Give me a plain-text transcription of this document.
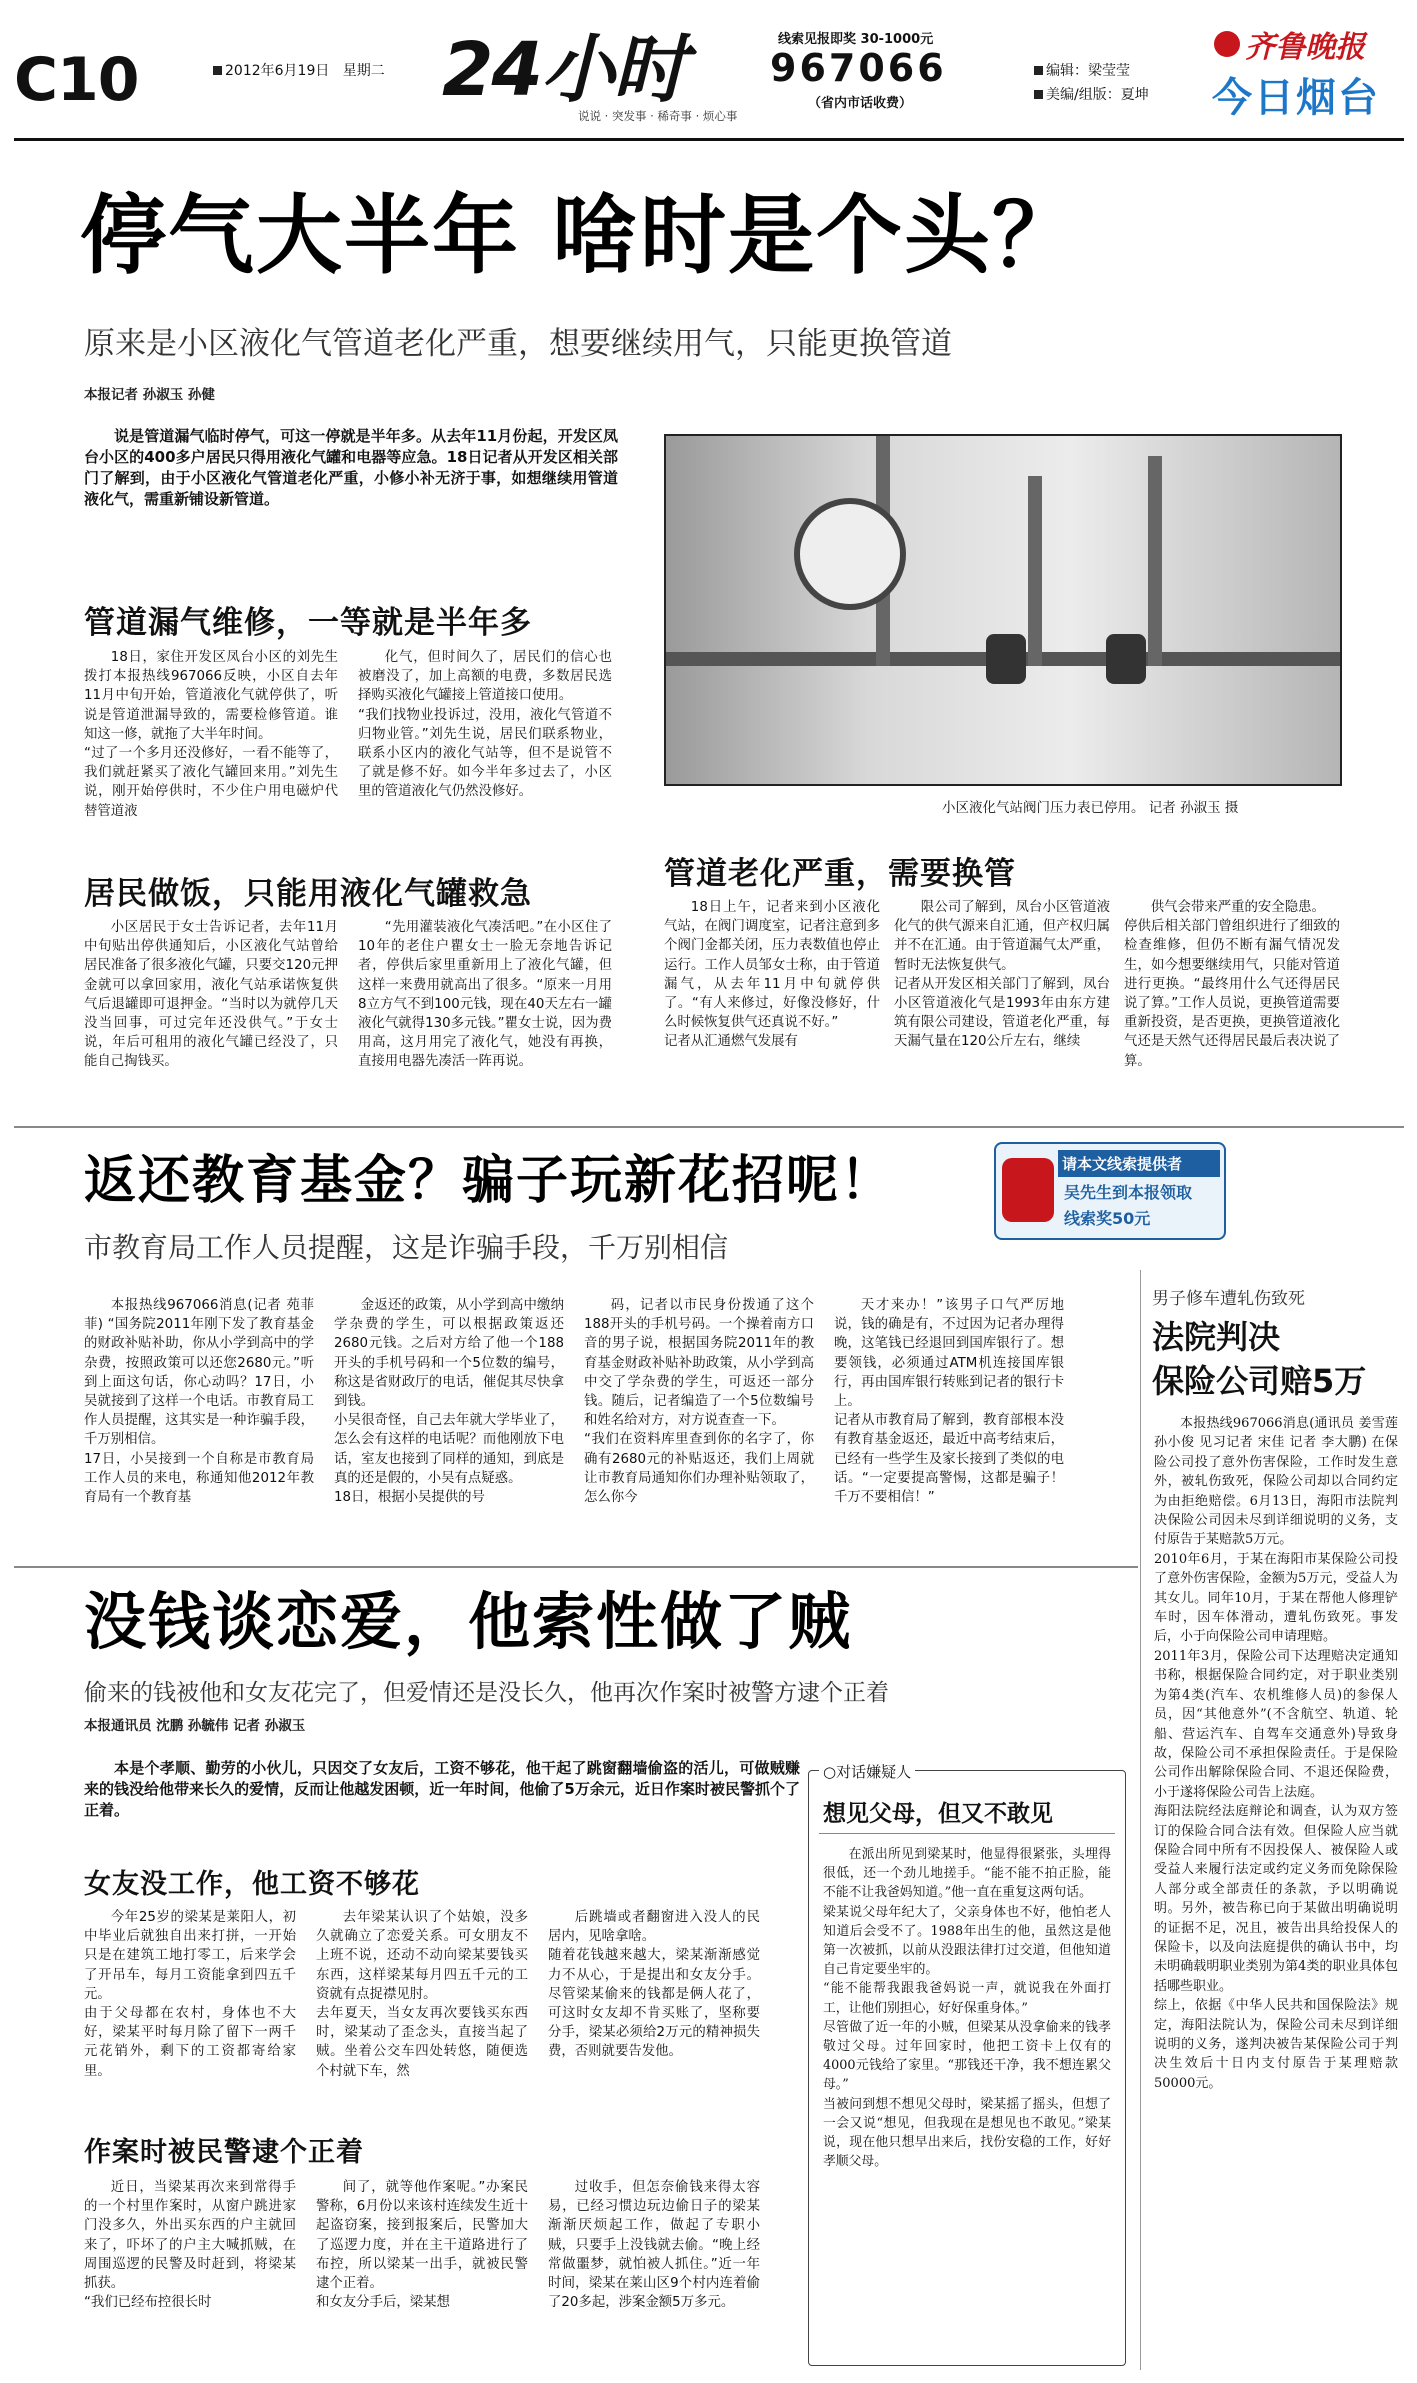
C10	2012年6月19日 星期二 24小时
说说 · 突发事 · 稀奇事 · 烦心事
线索见报即奖 30-1000元
967066
（省内市话收费）
编辑：梁莹莹
美编/组版：夏坤
齐鲁晚报
今日烟台
停气大半年 啥时是个头？
原来是小区液化气管道老化严重，想要继续用气，只能更换管道
本报记者 孙淑玉 孙健

说是管道漏气临时停气，可这一停就是半年多。从去年11月份起，开发区凤台小区的400多户居民只得用液化气罐和电器等应急。18日记者从开发区相关部门了解到，由于小区液化气管道老化严重，小修小补无济于事，如想继续用管道液化气，需重新铺设新管道。

小区液化气站阀门压力表已停用。 记者 孙淑玉 摄
管道漏气维修，一等就是半年多

18日，家住开发区凤台小区的刘先生拨打本报热线967066反映，小区自去年11月中旬开始，管道液化气就停供了，听说是管道泄漏导致的，需要检修管道。谁知这一修，就拖了大半年时间。
“过了一个多月还没修好，一看不能等了，我们就赶紧买了液化气罐回来用。”刘先生说，刚开始停供时，不少住户用电磁炉代替管道液

化气，但时间久了，居民们的信心也被磨没了，加上高额的电费，多数居民选择购买液化气罐接上管道接口使用。
“我们找物业投诉过，没用，液化气管道不归物业管。”刘先生说，居民们联系物业，联系小区内的液化气站等，但不是说管不了就是修不好。如今半年多过去了，小区里的管道液化气仍然没修好。

居民做饭，只能用液化气罐救急

小区居民于女士告诉记者，去年11月中旬贴出停供通知后，小区液化气站曾给居民准备了很多液化气罐，只要交120元押金就可以拿回家用，液化气站承诺恢复供气后退罐即可退押金。“当时以为就停几天没当回事，可过完年还没供气。”于女士说，年后可租用的液化气罐已经没了，只能自己掏钱买。

“先用灌装液化气凑活吧。”在小区住了10年的老住户瞿女士一脸无奈地告诉记者，停供后家里重新用上了液化气罐，但这样一来费用就高出了很多。“原来一月用8立方气不到100元钱，现在40天左右一罐液化气就得130多元钱。”瞿女士说，因为费用高，这月用完了液化气，她没有再换，直接用电器先凑活一阵再说。

管道老化严重，需要换管

18日上午，记者来到小区液化气站，在阀门调度室，记者注意到多个阀门金都关闭，压力表数值也停止运行。工作人员邹女士称，由于管道漏气，从去年11月中旬就停供了。“有人来修过，好像没修好，什么时候恢复供气还真说不好。”
记者从汇通燃气发展有

限公司了解到，凤台小区管道液化气的供气源来自汇通，但产权归属并不在汇通。由于管道漏气太严重，暂时无法恢复供气。
记者从开发区相关部门了解到，凤台小区管道液化气是1993年由东方建筑有限公司建设，管道老化严重，每天漏气量在120公斤左右，继续

供气会带来严重的安全隐患。
停供后相关部门曾组织进行了细致的检查维修，但仍不断有漏气情况发生，如今想要继续用气，只能对管道进行更换。“最终用什么气还得居民说了算。”工作人员说，更换管道需要重新投资，是否更换，更换管道液化气还是天然气还得居民最后表决说了算。

返还教育基金？骗子玩新花招呢！
市教育局工作人员提醒，这是诈骗手段，千万别相信
请本文线索提供者
吴先生到本报领取
线索奖50元

本报热线967066消息(记者 苑菲菲) “国务院2011年刚下发了教育基金的财政补贴补助，你从小学到高中的学杂费，按照政策可以还您2680元。”听到上面这句话，你心动吗？17日，小吴就接到了这样一个电话。市教育局工作人员提醒，这其实是一种诈骗手段，千万别相信。
17日，小吴接到一个自称是市教育局工作人员的来电，称通知他2012年教育局有一个教育基

金返还的政策，从小学到高中缴纳学杂费的学生，可以根据政策返还2680元钱。之后对方给了他一个188开头的手机号码和一个5位数的编号，称这是省财政厅的电话，催促其尽快拿到钱。
小吴很奇怪，自己去年就大学毕业了，怎么会有这样的电话呢？而他刚放下电话，室友也接到了同样的通知，到底是真的还是假的，小吴有点疑惑。
18日，根据小吴提供的号

码，记者以市民身份拨通了这个188开头的手机号码。一个操着南方口音的男子说，根据国务院2011年的教育基金财政补贴补助政策，从小学到高中交了学杂费的学生，可返还一部分钱。随后，记者编造了一个5位数编号和姓名给对方，对方说查查一下。
“我们在资料库里查到你的名字了，你确有2680元的补贴返还，我们上周就让市教育局通知你们办理补贴领取了，怎么你今

天才来办！”该男子口气严厉地说，钱的确是有，不过因为记者办理得晚，这笔钱已经退回到国库银行了。想要领钱，必须通过ATM机连接国库银行，再由国库银行转账到记者的银行卡上。
记者从市教育局了解到，教育部根本没有教育基金返还，最近中高考结束后，已经有一些学生及家长接到了类似的电话。“一定要提高警惕，这都是骗子！千万不要相信！”

男子修车遭轧伤致死
法院判决
保险公司赔5万

本报热线967066消息(通讯员 姜雪莲 孙小俊 见习记者 宋佳 记者 李大鹏) 在保险公司投了意外伤害保险，工作时发生意外，被轧伤致死，保险公司却以合同约定为由拒绝赔偿。6月13日，海阳市法院判决保险公司因未尽到详细说明的义务，支付原告于某赔款5万元。
2010年6月，于某在海阳市某保险公司投了意外伤害保险，金额为5万元，受益人为其女儿。同年10月，于某在帮他人修理铲车时，因车体滑动，遭轧伤致死。事发后，小于向保险公司申请理赔。
2011年3月，保险公司下达理赔决定通知书称，根据保险合同约定，对于职业类别为第4类(汽车、农机维修人员)的参保人员，因“其他意外”(不含航空、轨道、轮船、营运汽车、自驾车交通意外)导致身故，保险公司不承担保险责任。于是保险公司作出解除保险合同、不退还保险费，小于遂将保险公司告上法庭。
海阳法院经法庭辩论和调查，认为双方签订的保险合同合法有效。但保险人应当就保险合同中所有不因投保人、被保险人或受益人来履行法定或约定义务而免除保险人部分或全部责任的条款，予以明确说明。另外，被告称已向于某做出明确说明的证据不足，况且，被告出具给投保人的保险卡，以及向法庭提供的确认书中，均未明确载明职业类别为第4类的职业具体包括哪些职业。
综上，依据《中华人民共和国保险法》规定，海阳法院认为，保险公司未尽到详细说明的义务，遂判决被告某保险公司于判决生效后十日内支付原告于某理赔款50000元。

没钱谈恋爱，他索性做了贼
偷来的钱被他和女友花完了，但爱情还是没长久，他再次作案时被警方逮个正着
本报通讯员 沈鹏 孙毓伟 记者 孙淑玉

本是个孝顺、勤劳的小伙儿，只因交了女友后，工资不够花，他干起了跳窗翻墙偷盗的活儿，可做贼赚来的钱没给他带来长久的爱情，反而让他越发困顿，近一年时间，他偷了5万余元，近日作案时被民警抓个了正着。

女友没工作，他工资不够花

今年25岁的梁某是莱阳人，初中毕业后就独自出来打拼，一开始只是在建筑工地打零工，后来学会了开吊车，每月工资能拿到四五千元。
由于父母都在农村，身体也不大好，梁某平时每月除了留下一两千元花销外，剩下的工资都寄给家里。

去年梁某认识了个姑娘，没多久就确立了恋爱关系。可女朋友不上班不说，还动不动向梁某要钱买东西，这样梁某每月四五千元的工资就有点捉襟见肘。
去年夏天，当女友再次要钱买东西时，梁某动了歪念头，直接当起了贼。坐着公交车四处转悠，随便选个村就下车，然

后跳墙或者翻窗进入没人的民居内，见啥拿啥。
随着花钱越来越大，梁某渐渐感觉力不从心，于是提出和女友分手。尽管梁某偷来的钱都是俩人花了，可这时女友却不肯买账了，坚称要分手，梁某必须给2万元的精神损失费，否则就要告发他。

作案时被民警逮个正着

近日，当梁某再次来到常得手的一个村里作案时，从窗户跳进家门没多久，外出买东西的户主就回来了，吓坏了的户主大喊抓贼，在周围巡逻的民警及时赶到，将梁某抓获。
“我们已经布控很长时

间了，就等他作案呢。”办案民警称，6月份以来该村连续发生近十起盗窃案，接到报案后，民警加大了巡逻力度，并在主干道路进行了布控，所以梁某一出手，就被民警逮个正着。
和女友分手后，梁某想

过收手，但怎奈偷钱来得太容易，已经习惯边玩边偷日子的梁某渐渐厌烦起工作，做起了专职小贼，只要手上没钱就去偷。“晚上经常做噩梦，就怕被人抓住。”近一年时间，梁某在莱山区9个村内连着偷了20多起，涉案金额5万多元。

○对话嫌疑人
想见父母，但又不敢见

在派出所见到梁某时，他显得很紧张，头埋得很低，还一个劲儿地搓手。“能不能不拍正脸，能不能不让我爸妈知道。”他一直在重复这两句话。
梁某说父母年纪大了，父亲身体也不好，他怕老人知道后会受不了。1988年出生的他，虽然这是他第一次被抓，以前从没跟法律打过交道，但他知道自己肯定要坐牢的。
“能不能帮我跟我爸妈说一声，就说我在外面打工，让他们别担心，好好保重身体。”
尽管做了近一年的小贼，但梁某从没拿偷来的钱孝敬过父母。过年回家时，他把工资卡上仅有的4000元钱给了家里。“那钱还干净，我不想连累父母。”
当被问到想不想见父母时，梁某摇了摇头，但想了一会又说“想见，但我现在是想见也不敢见。”梁某说，现在他只想早出来后，找份安稳的工作，好好孝顺父母。
